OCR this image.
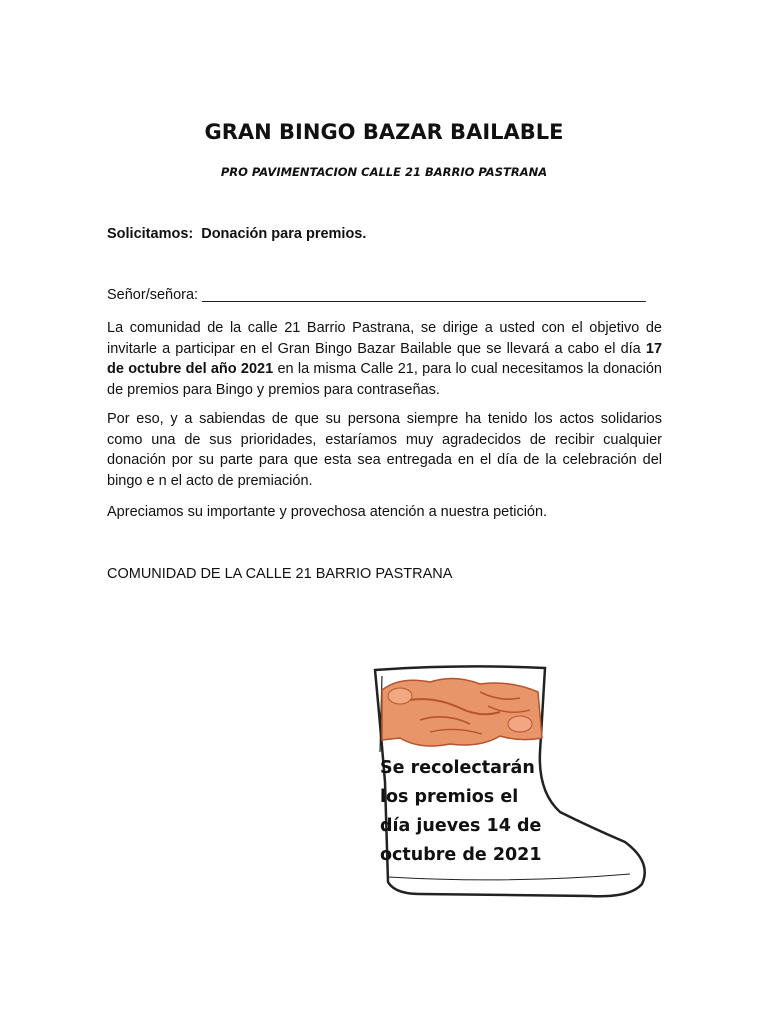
GRAN BINGO BAZAR BAILABLE
PRO PAVIMENTACION CALLE 21 BARRIO PASTRANA
Solicitamos: Donación para premios.
Señor/señora: _______________________________________________________
La comunidad de la calle 21 Barrio Pastrana, se dirige a usted con el objetivo de invitarle a participar en el Gran Bingo Bazar Bailable que se llevará a cabo el día 17 de octubre del año 2021 en la misma Calle 21, para lo cual necesitamos la donación de premios para Bingo y premios para contraseñas.
Por eso, y a sabiendas de que su persona siempre ha tenido los actos solidarios como una de sus prioridades, estaríamos muy agradecidos de recibir cualquier donación por su parte para que esta sea entregada en el día de la celebración del bingo e n el acto de premiación.
Apreciamos su importante y provechosa atención a nuestra petición.
COMUNIDAD DE LA CALLE 21 BARRIO PASTRANA
Se recolectarán
los premios el
día jueves 14 de
octubre de 2021
